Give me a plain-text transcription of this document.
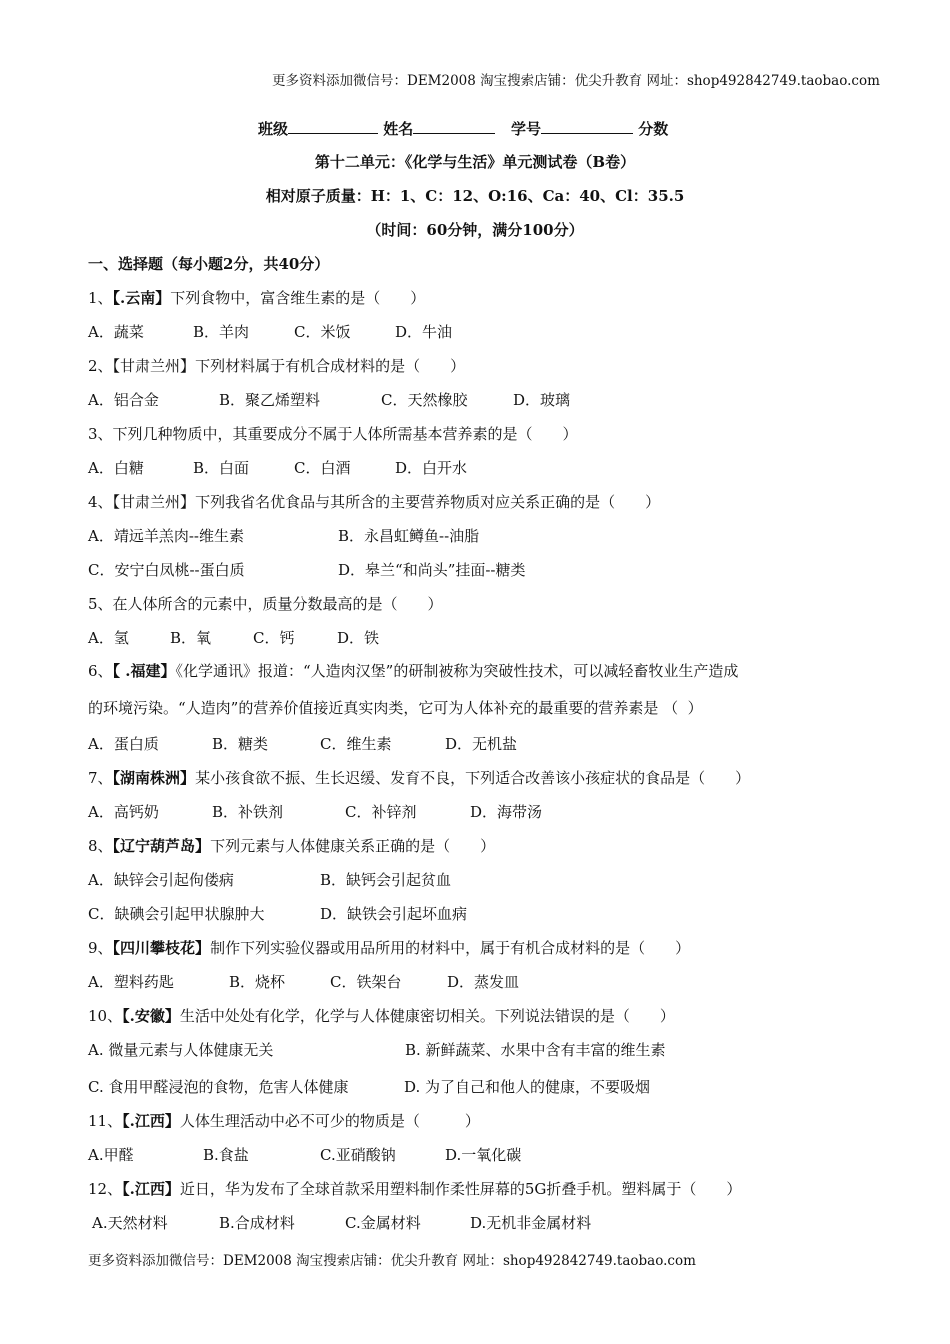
更多资料添加微信号：DEM2008 淘宝搜索店铺：优尖升教育 网址：shop492842749.taobao.com
班级	姓名	学号	分数
第十二单元：《化学与生活》单元测试卷（B卷）
相对原子质量：H：1、C：12、O:16、Ca：40、Cl：35.5
（时间：60分钟，满分100分）
一、选择题（每小题2分，共40分）
1、【.云南】下列食物中，富含维生素的是（　　）
A．蔬菜	B．羊肉	C．米饭	D．牛油
2、【甘肃兰州】下列材料属于有机合成材料的是（　　）
A．铝合金	B．聚乙烯塑料	C．天然橡胶	D．玻璃
3、下列几种物质中，其重要成分不属于人体所需基本营养素的是（　　）
A．白糖	B．白面	C．白酒	D．白开水
4、【甘肃兰州】下列我省名优食品与其所含的主要营养物质对应关系正确的是（　　）
A．靖远羊羔肉--维生素	B．永昌虹鳟鱼--油脂
C．安宁白凤桃--蛋白质	D．皋兰“和尚头”挂面--糖类
5、在人体所含的元素中，质量分数最高的是（　　）
A．氢	B．氧	C．钙	D．铁
6、【 .福建】《化学通讯》报道：“人造肉汉堡”的研制被称为突破性技术，可以减轻畜牧业生产造成
的环境污染。“人造肉”的营养价值接近真实肉类，它可为人体补充的最重要的营养素是 （  ）
A．蛋白质	B．糖类	C．维生素	D．无机盐
7、【湖南株洲】某小孩食欲不振、生长迟缓、发育不良，下列适合改善该小孩症状的食品是（　　）
A．高钙奶	B．补铁剂	C．补锌剂	D．海带汤
8、【辽宁葫芦岛】下列元素与人体健康关系正确的是（　　）
A．缺锌会引起佝偻病	B．缺钙会引起贫血
C．缺碘会引起甲状腺肿大	D．缺铁会引起坏血病
9、【四川攀枝花】制作下列实验仪器或用品所用的材料中，属于有机合成材料的是（　　）
A．塑料药匙	B．烧杯	C．铁架台	D．蒸发皿
10、【.安徽】生活中处处有化学，化学与人体健康密切相关。下列说法错误的是（　　）
A. 微量元素与人体健康无关	B. 新鲜蔬菜、水果中含有丰富的维生素
C. 食用甲醛浸泡的食物，危害人体健康	D. 为了自己和他人的健康，不要吸烟
11、【.江西】人体生理活动中必不可少的物质是（　　　）
A.甲醛	B.食盐	C.亚硝酸钠	D.一氧化碳
12、【.江西】近日，华为发布了全球首款采用塑料制作柔性屏幕的5G折叠手机。塑料属于（　　）
A.天然材料	B.合成材料	C.金属材料	D.无机非金属材料
更多资料添加微信号：DEM2008 淘宝搜索店铺：优尖升教育 网址：shop492842749.taobao.com
